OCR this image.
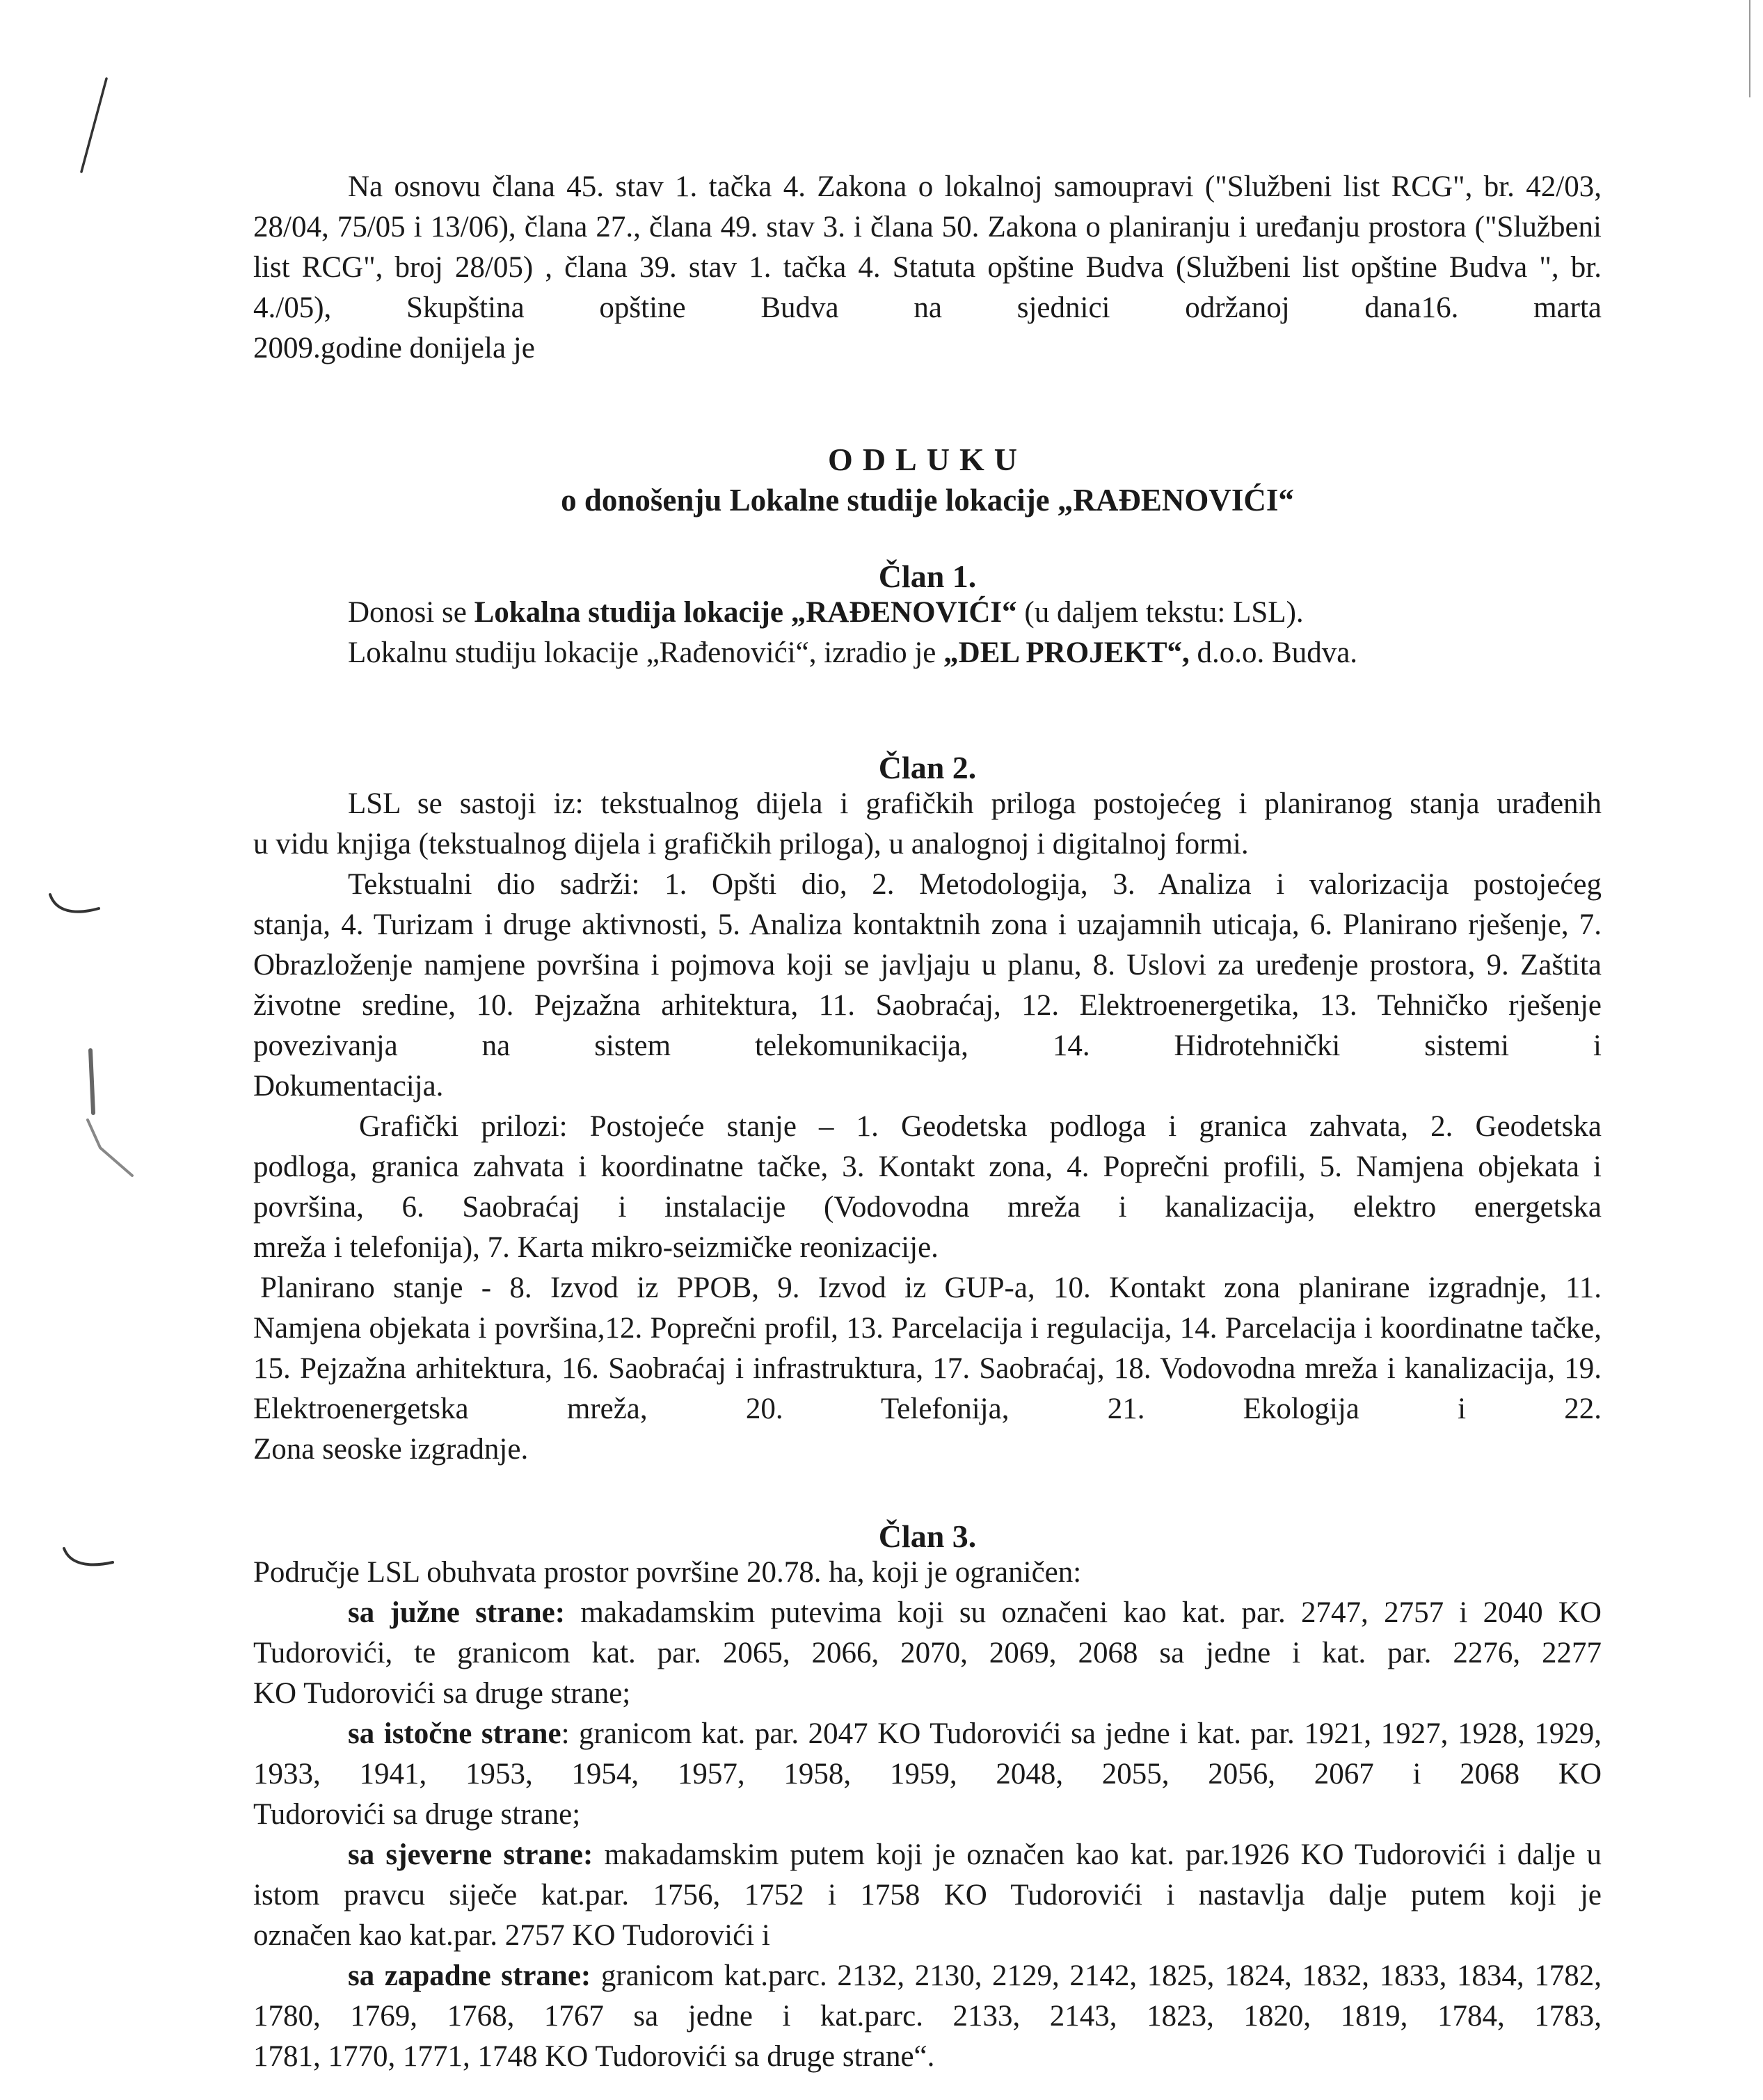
Na osnovu člana 45. stav 1. tačka 4. Zakona o lokalnoj samoupravi ("Službeni list RCG", br. 42/03, 28/04, 75/05 i 13/06), člana 27., člana 49. stav 3. i člana 50. Zakona o planiranju i uređanju prostora ("Službeni list RCG", broj 28/05) , člana 39. stav 1. tačka 4. Statuta opštine Budva (Službeni list opštine Budva ", br. 4./05), Skupština opštine Budva na sjednici održanoj dana16. marta
2009.godine donijela je
ODLUKU
o donošenju Lokalne studije lokacije „RAĐENOVIĆI“
Član 1.
Donosi se Lokalna studija lokacije „RAĐENOVIĆI“ (u daljem tekstu: LSL).
Lokalnu studiju lokacije „Rađenovići“, izradio je „DEL PROJEKT“, d.o.o. Budva.
Član 2.
LSL se sastoji iz: tekstualnog dijela i grafičkih priloga postojećeg i planiranog stanja urađenih
u vidu knjiga (tekstualnog dijela i grafičkih priloga), u analognoj i digitalnoj formi.
Tekstualni dio sadrži: 1. Opšti dio, 2. Metodologija, 3. Analiza i valorizacija postojećeg
stanja, 4. Turizam i druge aktivnosti, 5. Analiza kontaktnih zona i uzajamnih uticaja, 6. Planirano rješenje, 7. Obrazloženje namjene površina i pojmova koji se javljaju u planu, 8. Uslovi za uređenje prostora, 9. Zaštita životne sredine, 10. Pejzažna arhitektura, 11. Saobraćaj, 12. Elektroenergetika, 13. Tehničko rješenje povezivanja na sistem telekomunikacija, 14. Hidrotehnički sistemi i
Dokumentacija.
Grafički prilozi: Postojeće stanje – 1. Geodetska podloga i granica zahvata, 2. Geodetska
podloga, granica zahvata i koordinatne tačke, 3. Kontakt zona, 4. Poprečni profili, 5. Namjena objekata i površina, 6. Saobraćaj i instalacije (Vodovodna mreža i kanalizacija, elektro energetska
mreža i telefonija), 7. Karta mikro-seizmičke reonizacije.
Planirano stanje - 8. Izvod iz PPOB, 9. Izvod iz GUP-a, 10. Kontakt zona planirane izgradnje, 11.
Namjena objekata i površina,12. Poprečni profil, 13. Parcelacija i regulacija, 14. Parcelacija i koordinatne tačke, 15. Pejzažna arhitektura, 16. Saobraćaj i infrastruktura, 17. Saobraćaj, 18. Vodovodna mreža i kanalizacija, 19. Elektroenergetska mreža, 20. Telefonija, 21. Ekologija i 22.
Zona seoske izgradnje.
Član 3.
Područje LSL obuhvata prostor površine 20.78. ha, koji je ograničen:
sa južne strane: makadamskim putevima koji su označeni kao kat. par. 2747, 2757 i 2040 KO Tudorovići, te granicom kat. par. 2065, 2066, 2070, 2069, 2068 sa jedne i kat. par. 2276, 2277
KO Tudorovići sa druge strane;
sa istočne strane: granicom kat. par. 2047 KO Tudorovići sa jedne i kat. par. 1921, 1927, 1928, 1929, 1933, 1941, 1953, 1954, 1957, 1958, 1959, 2048, 2055, 2056, 2067 i 2068 KO
Tudorovići sa druge strane;
sa sjeverne strane: makadamskim putem koji je označen kao kat. par.1926 KO Tudorovići i dalje u istom pravcu siječe kat.par. 1756, 1752 i 1758 KO Tudorovići i nastavlja dalje putem koji je
označen kao kat.par. 2757 KO Tudorovići i
sa zapadne strane: granicom kat.parc. 2132, 2130, 2129, 2142, 1825, 1824, 1832, 1833, 1834, 1782, 1780, 1769, 1768, 1767 sa jedne i kat.parc. 2133, 2143, 1823, 1820, 1819, 1784, 1783,
1781, 1770, 1771, 1748 KO Tudorovići sa druge strane“.
